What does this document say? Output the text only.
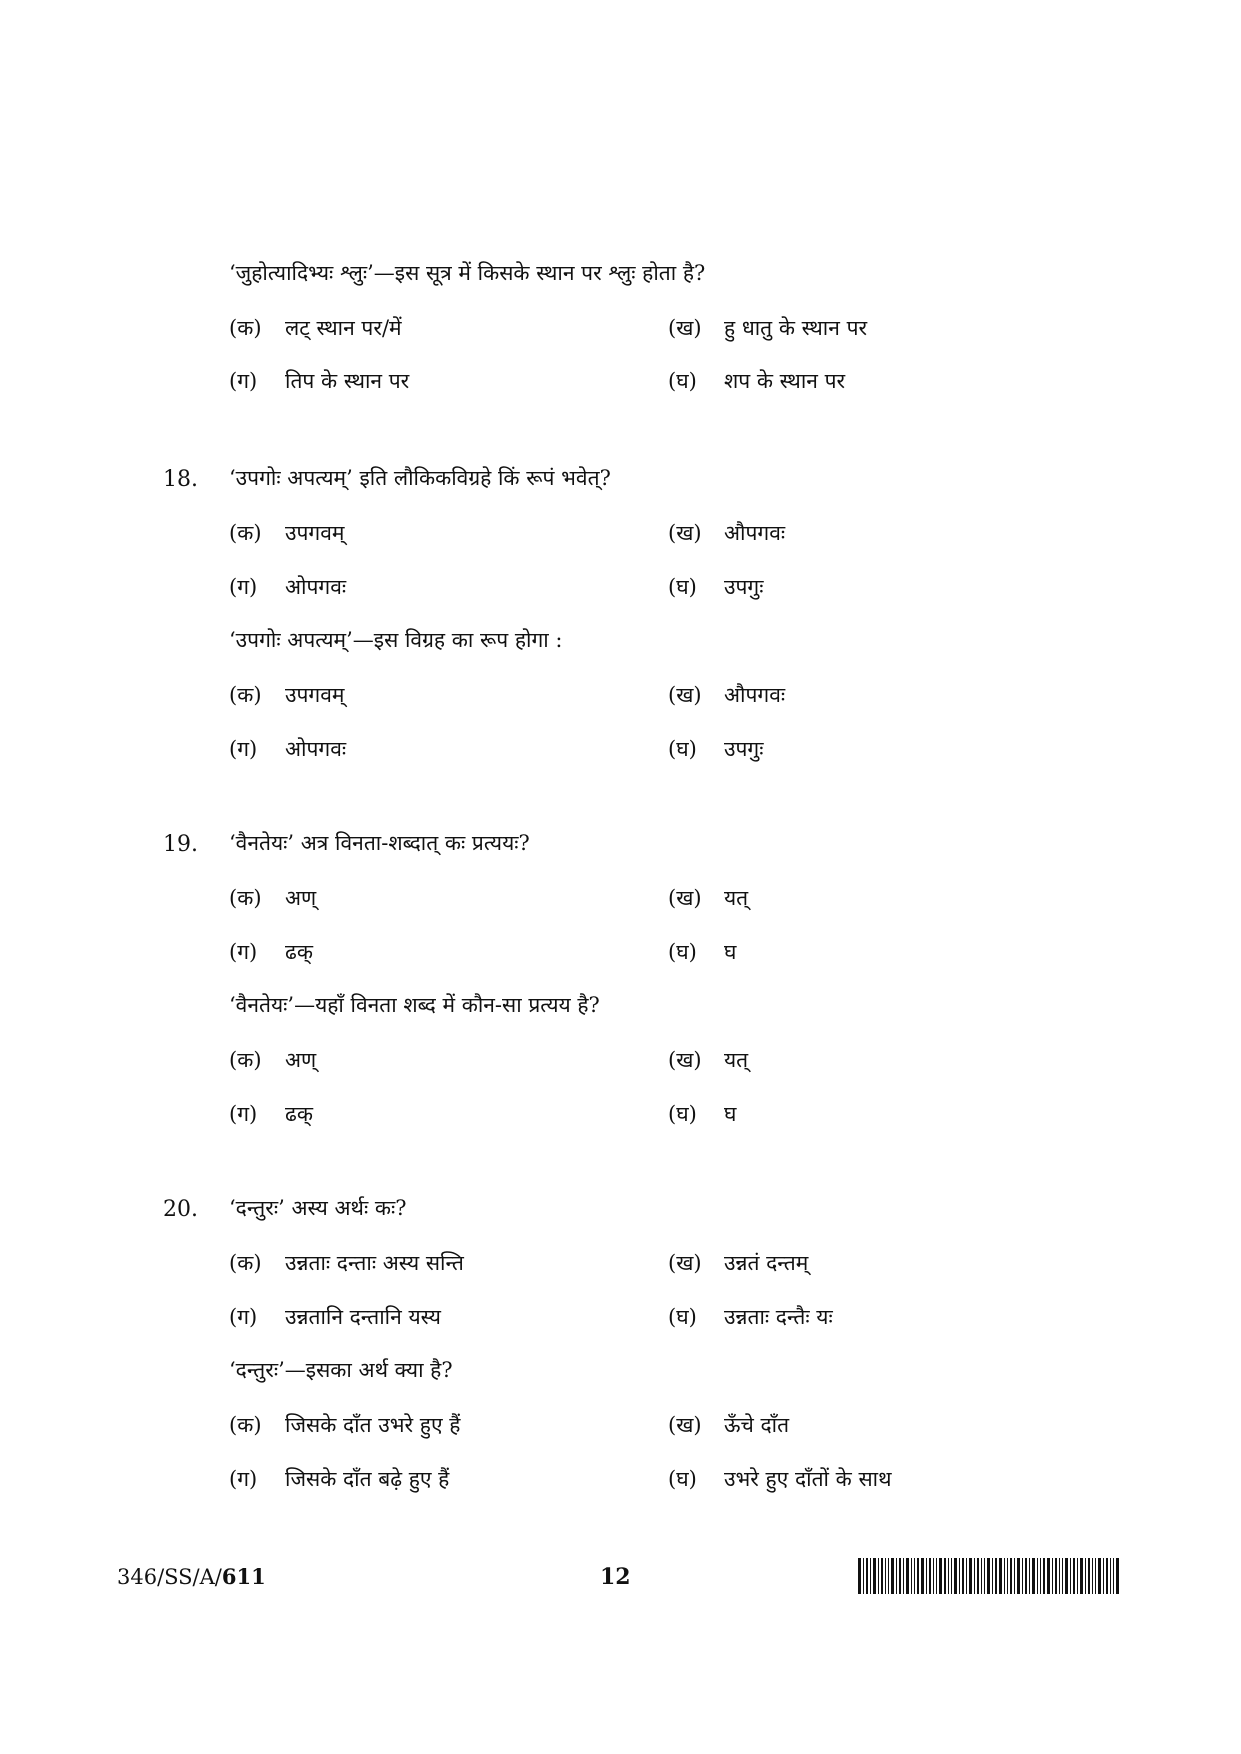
‘जुहोत्यादिभ्यः श्लुः’—इस सूत्र में किसके स्थान पर श्लुः होता है?
(क) लट् स्थान पर/में	(ख) हु धातु के स्थान पर
(ग) तिप के स्थान पर	(घ) शप के स्थान पर
18. ‘उपगोः अपत्यम्’ इति लौकिकविग्रहे किं रूपं भवेत्?
(क) उपगवम्	(ख) औपगवः
(ग) ओपगवः	(घ) उपगुः
‘उपगोः अपत्यम्’—इस विग्रह का रूप होगा :
(क) उपगवम्	(ख) औपगवः
(ग) ओपगवः	(घ) उपगुः
19. ‘वैनतेयः’ अत्र विनता-शब्दात् कः प्रत्ययः?
(क) अण्	(ख) यत्
(ग) ढक्	(घ) घ
‘वैनतेयः’—यहाँ विनता शब्द में कौन-सा प्रत्यय है?
(क) अण्	(ख) यत्
(ग) ढक्	(घ) घ
20. ‘दन्तुरः’ अस्य अर्थः कः?
(क) उन्नताः दन्ताः अस्य सन्ति	(ख) उन्नतं दन्तम्
(ग) उन्नतानि दन्तानि यस्य	(घ) उन्नताः दन्तैः यः
‘दन्तुरः’—इसका अर्थ क्या है?
(क) जिसके दाँत उभरे हुए हैं	(ख) ऊँचे दाँत
(ग) जिसके दाँत बढ़े हुए हैं	(घ) उभरे हुए दाँतों के साथ
346/SS/A/611	12
